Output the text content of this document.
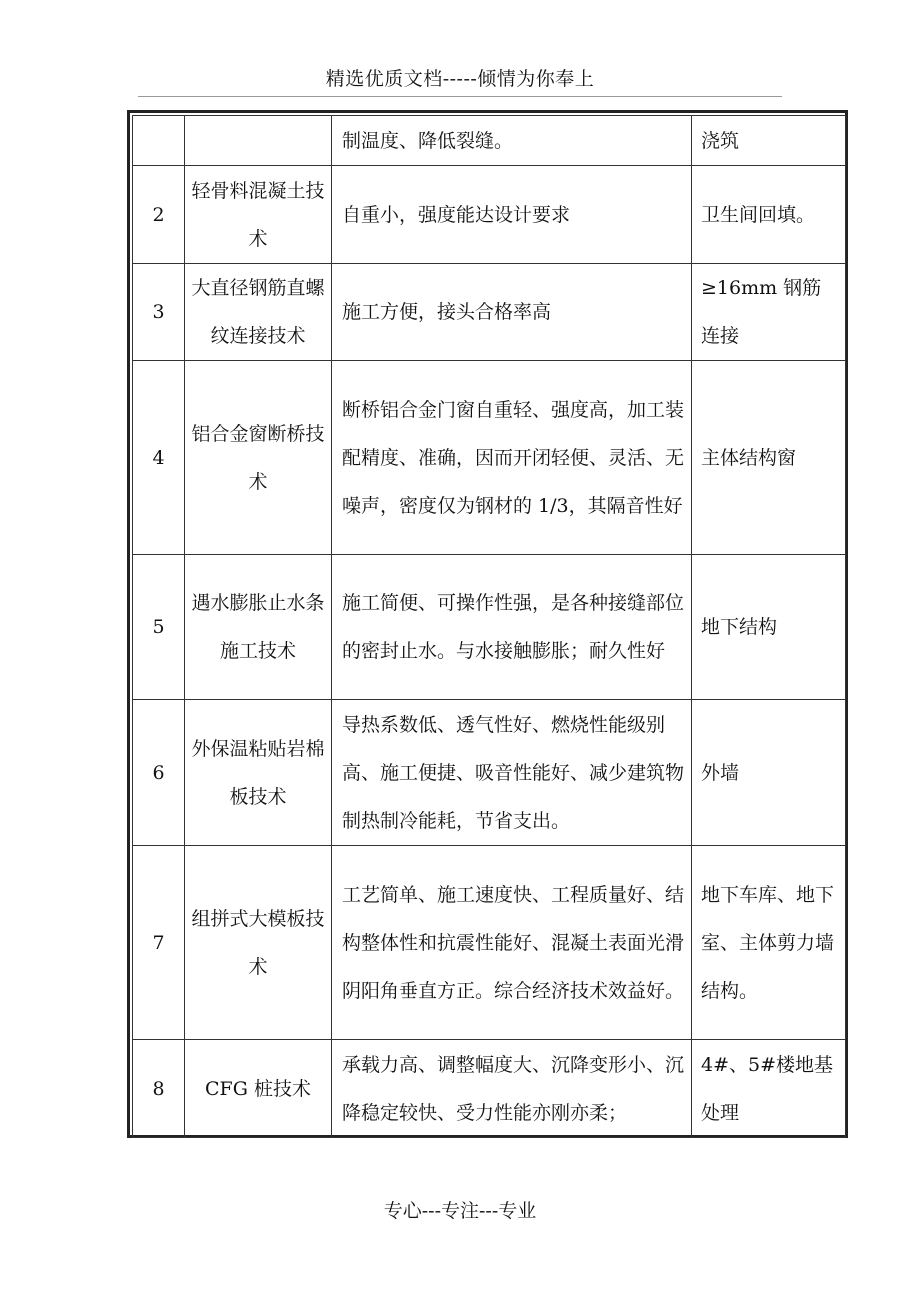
精选优质文档-----倾情为你奉上
		制温度、降低裂缝。	浇筑
2	轻骨料混凝土技术	自重小，强度能达设计要求	卫生间回填。
3	大直径钢筋直螺纹连接技术	施工方便，接头合格率高	≥16mm 钢筋连接
4	铝合金窗断桥技术	断桥铝合金门窗自重轻、强度高，加工装配精度、准确，因而开闭轻便、灵活、无噪声，密度仅为钢材的 1/3，其隔音性好	主体结构窗
5	遇水膨胀止水条施工技术	施工简便、可操作性强，是各种接缝部位的密封止水。与水接触膨胀；耐久性好	地下结构
6	外保温粘贴岩棉板技术	导热系数低、透气性好、燃烧性能级别高、施工便捷、吸音性能好、减少建筑物制热制冷能耗，节省支出。	外墙
7	组拼式大模板技术	工艺简单、施工速度快、工程质量好、结构整体性和抗震性能好、混凝土表面光滑阴阳角垂直方正。综合经济技术效益好。	地下车库、地下室、主体剪力墙结构。
8	CFG 桩技术	承载力高、调整幅度大、沉降变形小、沉降稳定较快、受力性能亦刚亦柔；	4#、5#楼地基处理
专心---专注---专业
